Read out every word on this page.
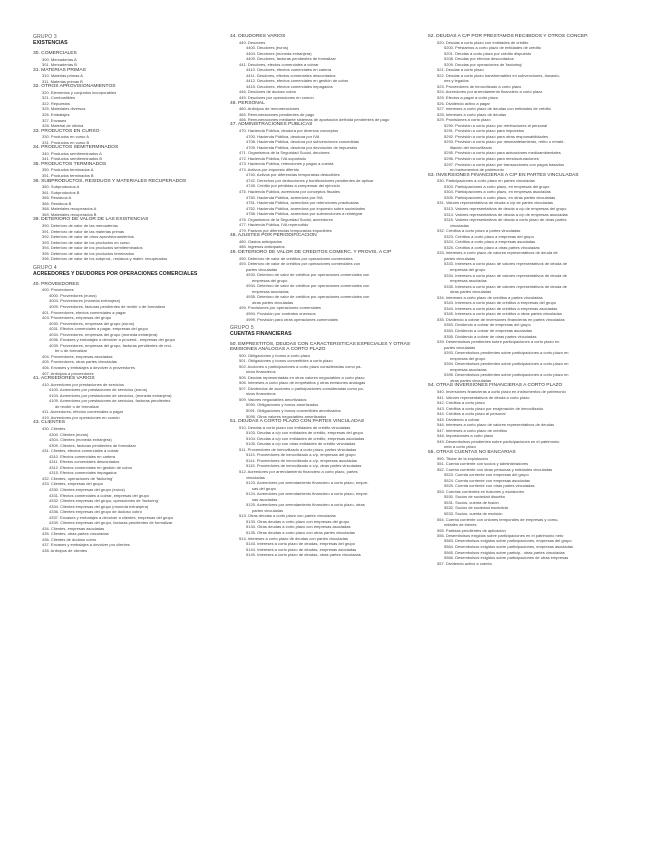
GRUPO 3
EXISTENCIAS
30. COMERCIALES
300. Mercaderías A
301. Mercaderías B
31. MATERIAS PRIMAS
310. Materias primas A
311. Materias primas B
32. OTROS APROVISIONAMIENTOS
320. Elementos y conjuntos incorporables
321. Combustibles
322. Repuestos
325. Materiales diversos
326. Embalajes
327. Envases
328. Material de oficina
33. PRODUCTOS EN CURSO
330. Productos en curso A
331. Productos en curso B
34. PRODUCTOS SEMITERMINADOS
340. Productos semiterminados A
341. Productos semiterminados B
35. PRODUCTOS TERMINADOS
350. Productos terminados A
351. Productos terminados B
36. SUBPRODUCTOS, RESIDUOS Y MATERIALES RECUPERADOS
360. Subproductos A
361. Subproductos B
365. Residuos A
366. Residuos B
368. Materiales recuperados A
369. Materiales recuperados B
39. DETERIORO DE VALOR DE LAS EXISTENCIAS
390. Deterioro de valor de las mercaderías
391. Deterioro de valor de las materias primas
392. Deterioro de valor de otros aprovisionamientos
393. Deterioro de valor de los productos en curso
394. Deterioro de valor de los productos semiterminados
395. Deterioro de valor de los productos terminados
396. Deterioro de valor de los subprod., residuos y mater. recuperados
GRUPO 4
ACREEDORES Y DEUDORES POR OPERACIONES COMERCIALES
40. PROVEEDORES
400. Proveedores
4000. Proveedores (euros)
4004. Proveedores (moneda extranjera)
4009. Proveedores, facturas pendientes de recibir o de formalizar
401. Proveedores, efectos comerciales a pagar
403. Proveedores, empresas del grupo
4030. Proveedores, empresas del grupo (euros)
4031. Efectos comerciales a pagar, empresas del grupo
4034. Proveedores, empresas del grupo (moneda extranjera)
4036. Envases y embalajes a devolver a proveed., empresas del grupo
4039. Proveedores, empresas del grupo, facturas pendientes de reci-
bir o de formalizar
404. Proveedores, empresas asociadas
405. Proveedores, otras partes vinculadas
406. Envases y embalajes a devolver a proveedores
407. Anticipos a proveedores
41. ACREEDORES VARIOS
410. Acreedores por prestaciones de servicios
4100. Acreedores por prestaciones de servicios (euros)
4104. Acreedores por prestaciones de servicios, (moneda extranjera)
4109. Acreedores por prestaciones de servicios, facturas pendientes
de recibir o de formalizar
411. Acreedores, efectos comerciales a pagar
419. Acreedores por operaciones en común
43. CLIENTES
430. Clientes
4300. Clientes (euros)
4304. Clientes (moneda extranjera)
4309. Clientes, facturas pendientes de formalizar
431. Clientes, efectos comerciales a cobrar
4310. Efectos comerciales en cartera
4311. Efectos comerciales descontados
4312. Efectos comerciales en gestión de cobro
4315. Efectos comerciales impagados
432. Clientes, operaciones de 'factoring'
433. Clientes, empresas del grupo
4330. Clientes empresas del grupo (euros)
4331. Efectos comerciales a cobrar, empresas del grupo
4332. Clientes empresas del grupo, operaciones de 'factoring'
4334. Clientes empresas del grupo (moneda extranjera)
4336. Clientes empresas del grupo de dudoso cobro
4337. Envases y embalajes a devolver a clientes, empresas del grupo
4339. Clientes empresas del grupo, facturas pendientes de formalizar
434. Clientes, empresas asociadas
435. Clientes, otras partes vinculadas
436. Clientes de dudoso cobro
437. Envases y embalajes a devolver por clientes
438. Anticipos de clientes
44. DEUDORES VARIOS
440. Deudores
4400. Deudores (euros)
4404. Deudores (moneda extranjera)
4409. Deudores, facturas pendientes de formalizar
441. Deudores, efectos comerciales a cobrar
4410. Deudores, efectos comerciales en cartera
4411. Deudores, efectos comerciales descontados
4412. Deudores, efectos comerciales en gestión de cobro
4415. Deudores, efectos comerciales impagados
446. Deudores de dudoso cobro
449. Deudores por operaciones en común
46. PERSONAL
460. Anticipos de remuneraciones
465. Remuneraciones pendientes de pago
466. Remuneraciones mediante sistemas de aportación definida pendientes de pago
47. ADMINISTRACIONES PÚBLICAS
470. Hacienda Pública, deudora por diversos conceptos
4700. Hacienda Pública, deudora por IVA
4708. Hacienda Pública, deudora por subvenciones concedidas
4709. Hacienda Pública, deudora por devolución de impuestos
471. Organismos de la Seguridad Social, deudores
472. Hacienda Pública, IVA soportado
473. Hacienda Pública, retenciones y pagos a cuenta
474. Activos por impuesto diferido
4740. Activos por diferencias temporarias deducibles
4742. Derechos por deducciones y bonificaciones pendientes de aplicar
4745. Crédito por pérdidas a compensar del ejercicio
475. Hacienda Pública, acreedora por conceptos fiscales
4750. Hacienda Pública, acreedora por IVA
4751. Hacienda Pública, acreedora por retenciones practicadas
4752. Hacienda Pública, acreedora por impuesto sobre sociedades
4758. Hacienda Pública, acreedora por subvenciones a reintegrar
476. Organismos de la Seguridad Social, acreedores
477. Hacienda Pública, IVA repercutido
479. Pasivos por diferencias temporarias imponibles
48. AJUSTES POR PERIODIFICACIÓN
480. Gastos anticipados
485. Ingresos anticipados
49. DETERIORO DE VALOR DE CRÉDITOS COMERC. Y PROVIS. A C/P
490. Deterioro de valor de créditos por operaciones comerciales
493. Deterioro de valor de créditos por operaciones comerciales con
partes vinculadas
4933. Deterioro de valor de créditos por operaciones comerciales con
empresas del grupo
4934. Deterioro de valor de créditos por operaciones comerciales con
empresas asociadas
4935. Deterioro de valor de créditos por operaciones comerciales con
otras partes vinculadas
499. Provisiones por operaciones comerciales
4994. Provisión por contratos onerosos
4999. Provisión para otras operaciones comerciales
GRUPO 5
CUENTAS FINANCIERAS
50. EMPRÉSTITOS, DEUDAS CON CARACTERÍSTICAS ESPECIALES Y OTRAS EMISIONES ANÁLOGAS A CORTO PLAZO
500. Obligaciones y bonos a corto plazo
501. Obligaciones y bonos convertibles a corto plazo
502. Acciones o participaciones a corto plazo consideradas como pa-
sivos financieros
505. Deudas representadas en otros valores negociables a corto plazo
506. Intereses a corto plazo de empréstitos y otras emisiones análogas
507. Dividendos de acciones o participaciones consideradas como pa-
sivos financieros
509. Valores negociables amortizados
5090. Obligaciones y bonos amortizados
5091. Obligaciones y bonos convertibles amortizados
5095. Otros valores negociables amortizados
51. DEUDAS A CORTO PLAZO CON PARTES VINCULADAS
510. Deudas a corto plazo con entidades de crédito vinculadas
5103. Deudas a c/p con entidades de crédito, empresas del grupo
5104. Deudas a c/p con entidades de crédito, empresas asociadas
5105. Deudas a c/p con otras entidades de crédito vinculadas
511. Proveedores de inmovilizado a corto plazo, partes vinculadas
5113. Proveedores de inmovilizado a c/p, empresas del grupo
5114. Proveedores de inmovilizado a c/p, empresas asociadas
5115. Proveedores de inmovilizado a c/p, otras partes vinculadas
512. Acreedores por arrendamiento financiero a corto plazo, partes
vinculadas
5123. Acreedores por arrendamiento financiero a corto plazo, empre-
sas del grupo
5124. Acreedores por arrendamiento financiero a corto plazo, empre-
sas asociadas
5125. Acreedores por arrendamiento financiero a corto plazo, otras
partes vinculadas
513. Otras deudas a corto plazo con partes vinculadas
5133. Otras deudas a corto plazo con empresas del grupo
5134. Otras deudas a corto plazo con empresas asociadas
5135. Otras deudas a corto plazo con otras partes vinculadas
514. Intereses a corto plazo de deudas con partes vinculadas
5143. Intereses a corto plazo de deudas, empresas del grupo
5144. Intereses a corto plazo de deudas, empresas asociadas
5145. Intereses a corto plazo de deudas, otras partes vinculadas
52. DEUDAS A C/P POR PRÉSTAMOS RECIBIDOS Y OTROS CONCEP.
520. Deudas a corto plazo con entidades de crédito
5200. Préstamos a corto plazo de entidades de crédito
5201. Deudas a corto plazo por crédito dispuesto
5208. Deudas por efectos descontados
5209. Deudas por operaciones de 'factoring'
521. Deudas a corto plazo
522. Deudas a corto plazo transformables en subvenciones, donacio-
nes y legados
523. Proveedores de inmovilizado a corto plazo
524. Acreedores por arrendamiento financiero a corto plazo
525. Efectos a pagar a corto plazo
526. Dividendo activo a pagar
527. Intereses a corto plazo de deudas con entidades de crédito
528. Intereses a corto plazo de deudas
529. Provisiones a corto plazo
5290. Provisión a corto plazo por retribuciones al personal
5291. Provisión a corto plazo para impuestos
5292. Provisión a corto plazo para otras responsabilidades
5293. Provisión a corto plazo por desmantelamiento, retiro o rehabi-
litación del inmovilizado
5295. Provisión a corto plazo para actuaciones medioambientales
5296. Provisión a corto plazo para reestructuraciones
5297. Provisión a corto plazo por transacciones con pagos basados
en instrumentos de patrimonio
53. INVERSIONES FINANCIERAS A C/P EN PARTES VINCULADAS
530. Participaciones a corto plazo en partes vinculadas
5303. Participaciones a corto plazo, en empresas del grupo
5304. Participaciones a corto plazo, en empresas asociadas
5305. Participaciones a corto plazo, en otras partes vinculadas
531. Valores representativos de deuda a c/p de partes vinculadas
5313. Valores representativos de deuda a c/p de empresas del grupo
5314. Valores representativos de deuda a c/p de empresas asociadas
5315. Valores representativos de deuda a corto plazo de otras partes
vinculadas
532. Créditos a corto plazo a partes vinculadas
5323. Créditos a corto plazo a empresas del grupo
5324. Créditos a corto plazo a empresas asociadas
5325. Créditos a corto plazo a otras partes vinculadas
533. Intereses a corto plazo de valores representativos de deuda de
partes vinculadas
5333. Intereses a corto plazo de valores representativos de deuda de
empresas del grupo
5334. Intereses a corto plazo de valores representativos de deuda de
empresas asociadas
5335. Intereses a corto plazo de valores representativos de deuda de
otras partes vinculadas
534. Intereses a corto plazo de créditos a partes vinculadas
5343. Intereses a corto plazo de créditos a empresas del grupo
5344. Intereses a corto plazo de créditos a empresas asociadas
5345. Intereses a corto plazo de créditos a otras partes vinculadas
535. Dividendo a cobrar de inversiones financieras en partes vinculadas
5353. Dividendo a cobrar de empresas del grupo
5354. Dividendo a cobrar de empresas asociadas
5355. Dividendo a cobrar de otras partes vinculadas
539. Desembolsos pendientes sobre participaciones a corto plazo en
partes vinculadas
5393. Desembolsos pendientes sobre participaciones a corto plazo en
empresas del grupo
5394. Desembolsos pendientes sobre participaciones a corto plazo en
empresas asociadas
5395. Desembolsos pendientes sobre participaciones a corto plazo en
otras partes vinculadas
54. OTRAS INVERSIONES FINANCIERAS A CORTO PLAZO
540. Inversiones financieras a corto plazo en instrumentos de patrimonio
541. Valores representativos de deuda a corto plazo
542. Créditos a corto plazo
543. Créditos a corto plazo por enajenación de inmovilizado
544. Créditos a corto plazo al personal
545. Dividendo a cobrar
546. Intereses a corto plazo de valores representativos de deudas
547. Intereses a corto plazo de créditos
548. Imposiciones a corto plazo
549. Desembolsos pendientes sobre participaciones en el patrimonio
neto a corto plazo
55. OTRAS CUENTAS NO BANCARIAS
550. Titular de la explotación
551. Cuenta corriente con socios y administradores
552. Cuenta corriente con otras personas y entidades vinculadas
5523. Cuenta corriente con empresas del grupo
5524. Cuenta corriente con empresas asociadas
5525. Cuenta corriente con otras partes vinculadas
553. Cuentas corrientes en fusiones y escisiones
5530. Socios de sociedad disuelta
5531. Socios, cuenta de fusión
5532. Socios de sociedad escindida
5533. Socios, cuenta de escisión
554. Cuenta corriente con uniones temporales de empresas y comu-
nidades de bienes
555. Partidas pendientes de aplicación
556. Desembolsos exigidos sobre participaciones en el patrimonio neto
5563. Desembolsos exigidos sobre participaciones, empresas del grupo
5564. Desembolsos exigidos sobre participaciones, empresas asociadas
5565. Desembolsos exigidos sobre particip., otras partes vinculadas
5566. Desembolsos exigidos sobre participaciones de otras empresas
557. Dividendo activo a cuenta
